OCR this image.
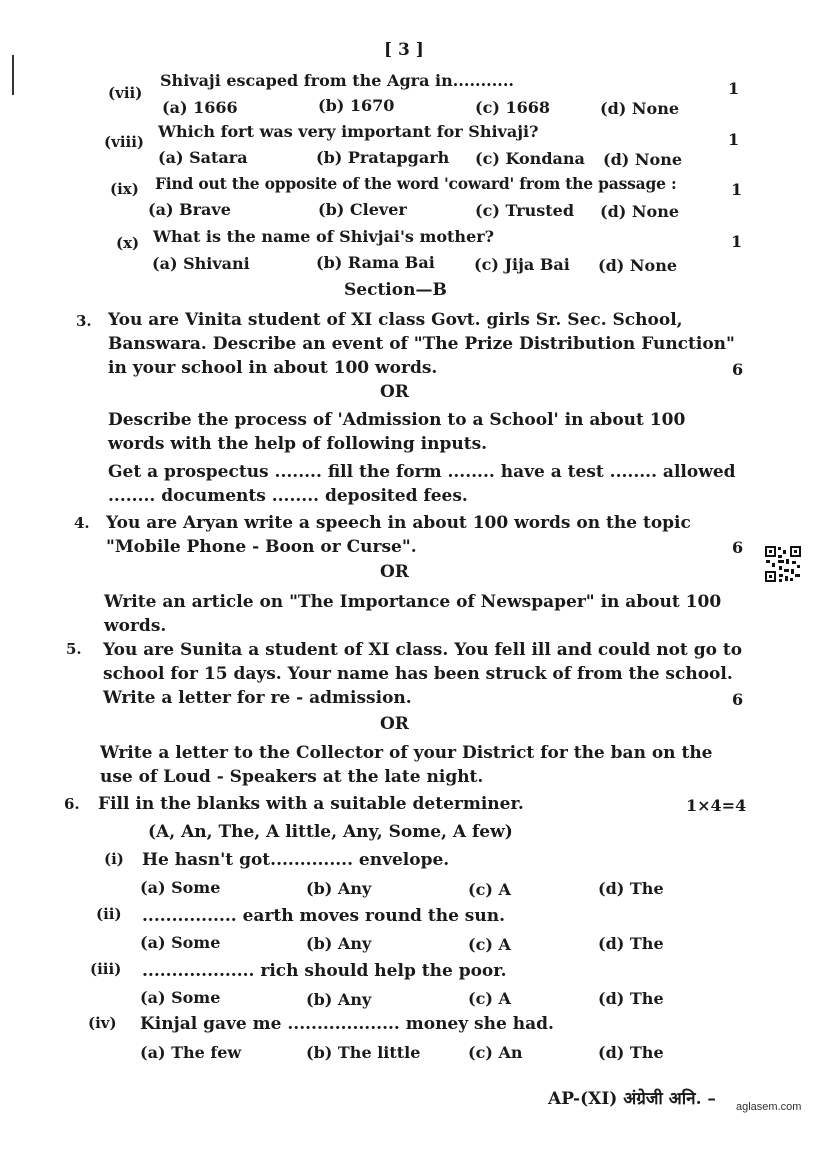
[ 3 ]
(vii)
Shivaji escaped from the Agra in...........	1
(a) 1666	(b) 1670	(c) 1668	(d) None
(viii)
Which fort was very important for Shivaji?	1
(a) Satara	(b) Pratapgarh (c) Kondana (d) None
(ix) Find out the opposite of the word 'coward' from the passage :	1
(a) Brave	(b) Clever	(c) Trusted (d) None
(x) What is the name of Shivjai's mother?	1
(a) Shivani	(b) Rama Bai (c) Jija Bai (d) None
Section—B
3. You are Vinita student of XI class Govt. girls Sr. Sec. School, Banswara. Describe an event of "The Prize Distribution Function" in your school in about 100 words.	6
OR
Describe the process of 'Admission to a School' in about 100 words with the help of following inputs.
Get a prospectus ........ fill the form ........ have a test ........ allowed ........ documents ........ deposited fees.
4. You are Aryan write a speech in about 100 words on the topic "Mobile Phone - Boon or Curse".	6
OR
Write an article on "The Importance of Newspaper" in about 100 words.
5. You are Sunita a student of XI class. You fell ill and could not go to school for 15 days. Your name has been struck of from the school. Write a letter for re - admission.	6
OR
Write a letter to the Collector of your District for the ban on the use of Loud - Speakers at the late night.
6. Fill in the blanks with a suitable determiner.	1×4=4
(A, An, The, A little, Any, Some, A few)
(i) He hasn't got.............. envelope.
(a) Some	(b) Any	(c) A	(d) The
(ii) ................ earth moves round the sun.
(a) Some	(b) Any	(c) A	(d) The
(iii) ................... rich should help the poor.
(a) Some	(b) Any	(c) A	(d) The
(iv) Kinjal gave me ................... money she had.
(a) The few	(b) The little	(c) An	(d) The
AP-(XI) अंग्रेजी अनि. – aglasem.com
